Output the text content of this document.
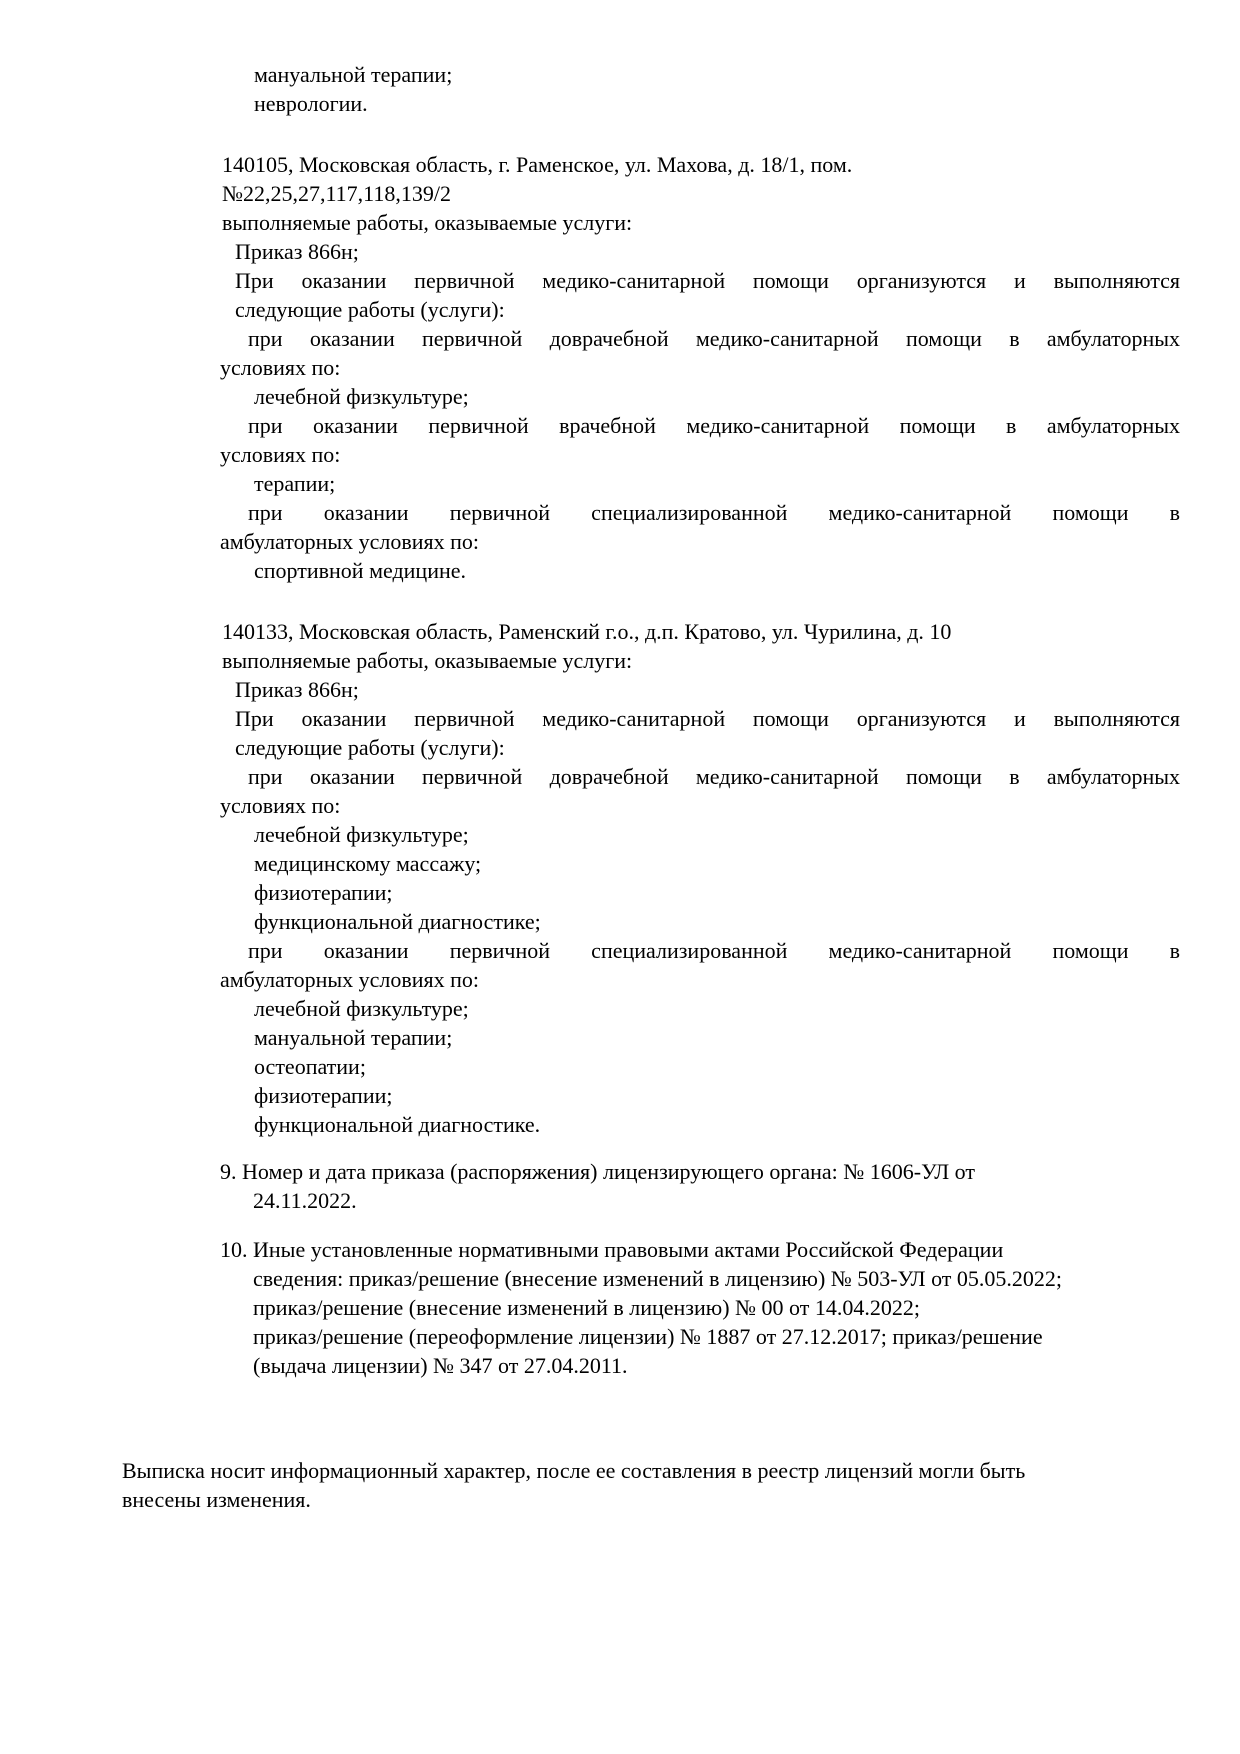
мануальной терапии;
неврологии.
140105, Московская область, г. Раменское, ул. Махова, д. 18/1, пом.
№22,25,27,117,118,139/2
выполняемые работы, оказываемые услуги:
Приказ 866н;
При оказании первичной медико-санитарной помощи организуются и выполняются
следующие работы (услуги):
при оказании первичной доврачебной медико-санитарной помощи в амбулаторных
условиях по:
лечебной физкультуре;
при оказании первичной врачебной медико-санитарной помощи в амбулаторных
условиях по:
терапии;
при оказании первичной специализированной медико-санитарной помощи в
амбулаторных условиях по:
спортивной медицине.
140133, Московская область, Раменский г.о., д.п. Кратово, ул. Чурилина, д. 10
выполняемые работы, оказываемые услуги:
Приказ 866н;
При оказании первичной медико-санитарной помощи организуются и выполняются
следующие работы (услуги):
при оказании первичной доврачебной медико-санитарной помощи в амбулаторных
условиях по:
лечебной физкультуре;
медицинскому массажу;
физиотерапии;
функциональной диагностике;
при оказании первичной специализированной медико-санитарной помощи в
амбулаторных условиях по:
лечебной физкультуре;
мануальной терапии;
остеопатии;
физиотерапии;
функциональной диагностике.
9. Номер и дата приказа (распоряжения) лицензирующего органа: № 1606-УЛ от
24.11.2022.
10. Иные установленные нормативными правовыми актами Российской Федерации
сведения: приказ/решение (внесение изменений в лицензию) № 503-УЛ от 05.05.2022;
приказ/решение (внесение изменений в лицензию) № 00 от 14.04.2022;
приказ/решение (переоформление лицензии) № 1887 от 27.12.2017; приказ/решение
(выдача лицензии) № 347 от 27.04.2011.
Выписка носит информационный характер, после ее составления в реестр лицензий могли быть
внесены изменения.
